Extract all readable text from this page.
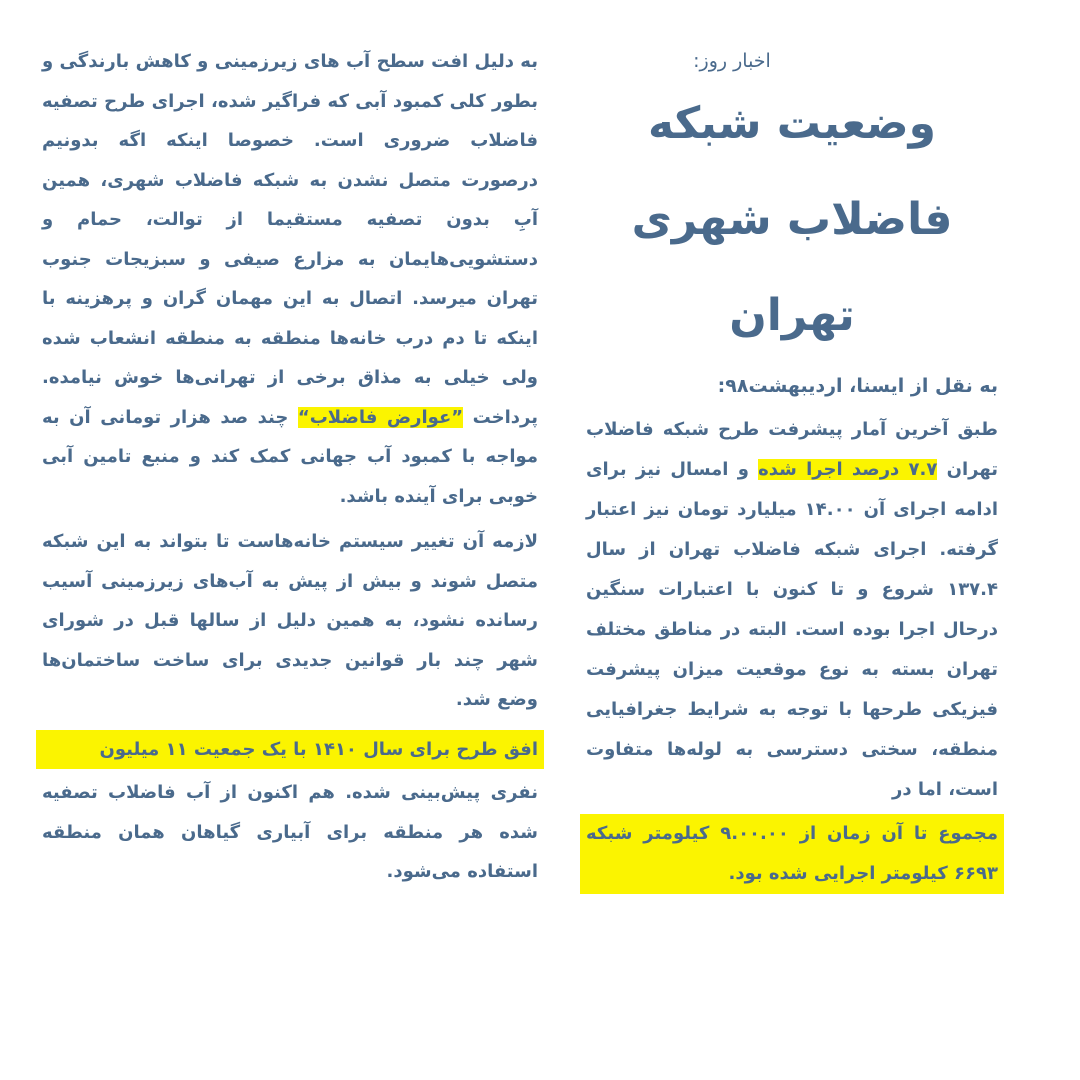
اخبار روز:
وضعیت شبکه
فاضلاب شهری
تهران
به نقل از ایسنا، اردیبهشت۹۸:

طبق آخرین آمار پیشرفت طرح شبکه فاضلاب تهران ۷.۷ درصد اجرا شده و امسال نیز برای ادامه اجرای آن ۱۴.۰۰ میلیارد تومان نیز اعتبار گرفته. اجرای شبکه فاضلاب تهران از سال ۱۳۷.۴ شروع و تا کنون با اعتبارات سنگین درحال اجرا بوده است. البته در مناطق مختلف تهران بسته به نوع موقعیت میزان پیشرفت فیزیکی طرحها با توجه به شرایط جغرافیایی منطقه، سختی دسترسی به لوله‌ها متفاوت است، اما در
مجموع تا آن زمان از ۹.۰۰.۰۰ کیلومتر شبکه ۶۶۹۳ کیلومتر اجرایی شده بود.

به دلیل افت سطح آب های زیرزمینی و کاهش بارندگی و بطور کلی کمبود آبی که فراگیر شده، اجرای طرح تصفیه فاضلاب ضروری است. خصوصا اینکه اگه بدونیم درصورت متصل نشدن به شبکه فاضلاب شهری، همین آبِ بدون تصفیه مستقیما از توالت، حمام و دستشویی‌هایمان به مزارع صیفی و سبزیجات جنوب تهران میرسد. اتصال به این مهمان گران و پرهزینه با اینکه تا دم درب خانه‌ها منطقه به منطقه انشعاب شده ولی خیلی به مذاق برخی از تهرانی‌ها خوش نیامده. پرداخت ”عوارض فاضلاب“ چند صد هزار تومانی آن به مواجه با کمبود آب جهانی کمک کند و منبع تامین آبی خوبی برای آینده باشد.

لازمه آن تغییر سیستم خانه‌هاست تا بتواند به این شبکه متصل شوند و بیش از پیش به آب‌های زیرزمینی آسیب رسانده نشود، به همین دلیل از سالها قبل در شورای شهر چند بار قوانین جدیدی برای ساخت ساختمان‌ها وضع شد.

افق طرح برای سال ۱۴۱۰ با یک جمعیت ۱۱ میلیون
نفری پیش‌بینی شده. هم اکنون از آب فاضلاب تصفیه شده هر منطقه برای آبیاری گیاهان همان منطقه استفاده می‌شود.
